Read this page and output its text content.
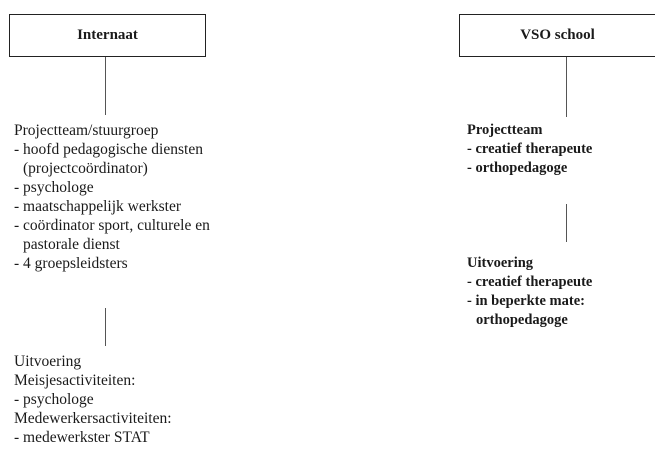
Internaat
Projectteam/stuurgroep
- hoofd pedagogische diensten
(projectcoördinator)
- psychologe
- maatschappelijk werkster
- coördinator sport, culturele en
pastorale dienst
- 4 groepsleidsters
Uitvoering
Meisjesactiviteiten:
- psychologe
Medewerkersactiviteiten:
- medewerkster STAT
VSO school
Projectteam
- creatief therapeute
- orthopedagoge
Uitvoering
- creatief therapeute
- in beperkte mate:
orthopedagoge
